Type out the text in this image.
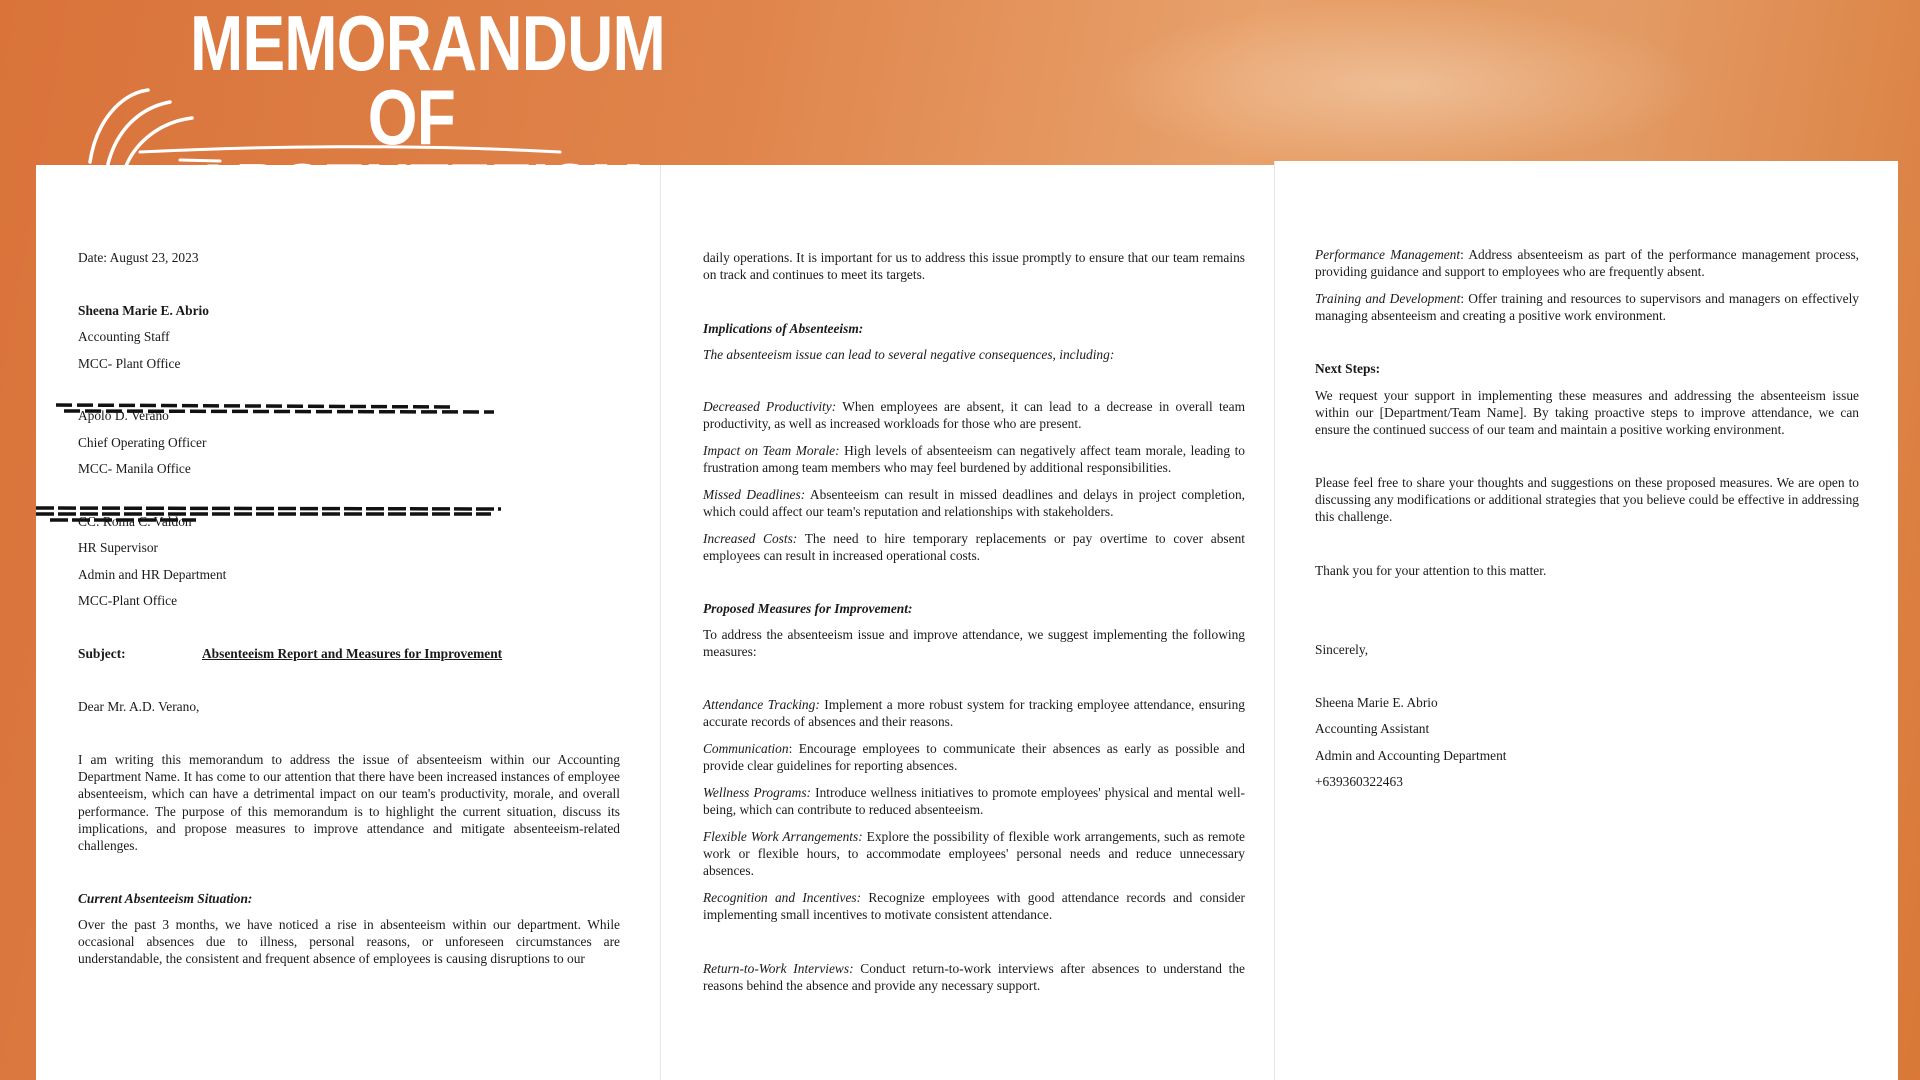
MEMORANDUM OF
Date: August 23, 2023
Sheena Marie E. Abrio
Accounting Staff
MCC- Plant Office
Apolo D. Verano
Chief Operating Officer
MCC- Manila Office
CC: Roma C. Valdon
HR Supervisor
Admin and HR Department
MCC-Plant Office
Subject:	Absenteeism Report and Measures for Improvement
Dear Mr. A.D. Verano,
I am writing this memorandum to address the issue of absenteeism within our Accounting Department Name. It has come to our attention that there have been increased instances of employee absenteeism, which can have a detrimental impact on our team's productivity, morale, and overall performance. The purpose of this memorandum is to highlight the current situation, discuss its implications, and propose measures to improve attendance and mitigate absenteeism-related challenges.
Current Absenteeism Situation:
Over the past 3 months, we have noticed a rise in absenteeism within our department. While occasional absences due to illness, personal reasons, or unforeseen circumstances are understandable, the consistent and frequent absence of employees is causing disruptions to our
daily operations. It is important for us to address this issue promptly to ensure that our team remains on track and continues to meet its targets.
Implications of Absenteeism:
The absenteeism issue can lead to several negative consequences, including:
Decreased Productivity: When employees are absent, it can lead to a decrease in overall team productivity, as well as increased workloads for those who are present.
Impact on Team Morale: High levels of absenteeism can negatively affect team morale, leading to frustration among team members who may feel burdened by additional responsibilities.
Missed Deadlines: Absenteeism can result in missed deadlines and delays in project completion, which could affect our team's reputation and relationships with stakeholders.
Increased Costs: The need to hire temporary replacements or pay overtime to cover absent employees can result in increased operational costs.
Proposed Measures for Improvement:
To address the absenteeism issue and improve attendance, we suggest implementing the following measures:
Attendance Tracking: Implement a more robust system for tracking employee attendance, ensuring accurate records of absences and their reasons.
Communication: Encourage employees to communicate their absences as early as possible and provide clear guidelines for reporting absences.
Wellness Programs: Introduce wellness initiatives to promote employees' physical and mental well-being, which can contribute to reduced absenteeism.
Flexible Work Arrangements: Explore the possibility of flexible work arrangements, such as remote work or flexible hours, to accommodate employees' personal needs and reduce unnecessary absences.
Recognition and Incentives: Recognize employees with good attendance records and consider implementing small incentives to motivate consistent attendance.
Return-to-Work Interviews: Conduct return-to-work interviews after absences to understand the reasons behind the absence and provide any necessary support.
Performance Management: Address absenteeism as part of the performance management process, providing guidance and support to employees who are frequently absent.
Training and Development: Offer training and resources to supervisors and managers on effectively managing absenteeism and creating a positive work environment.
Next Steps:
We request your support in implementing these measures and addressing the absenteeism issue within our [Department/Team Name]. By taking proactive steps to improve attendance, we can ensure the continued success of our team and maintain a positive working environment.
Please feel free to share your thoughts and suggestions on these proposed measures. We are open to discussing any modifications or additional strategies that you believe could be effective in addressing this challenge.
Thank you for your attention to this matter.
Sincerely,
Sheena Marie E. Abrio
Accounting Assistant
Admin and Accounting Department
+639360322463
